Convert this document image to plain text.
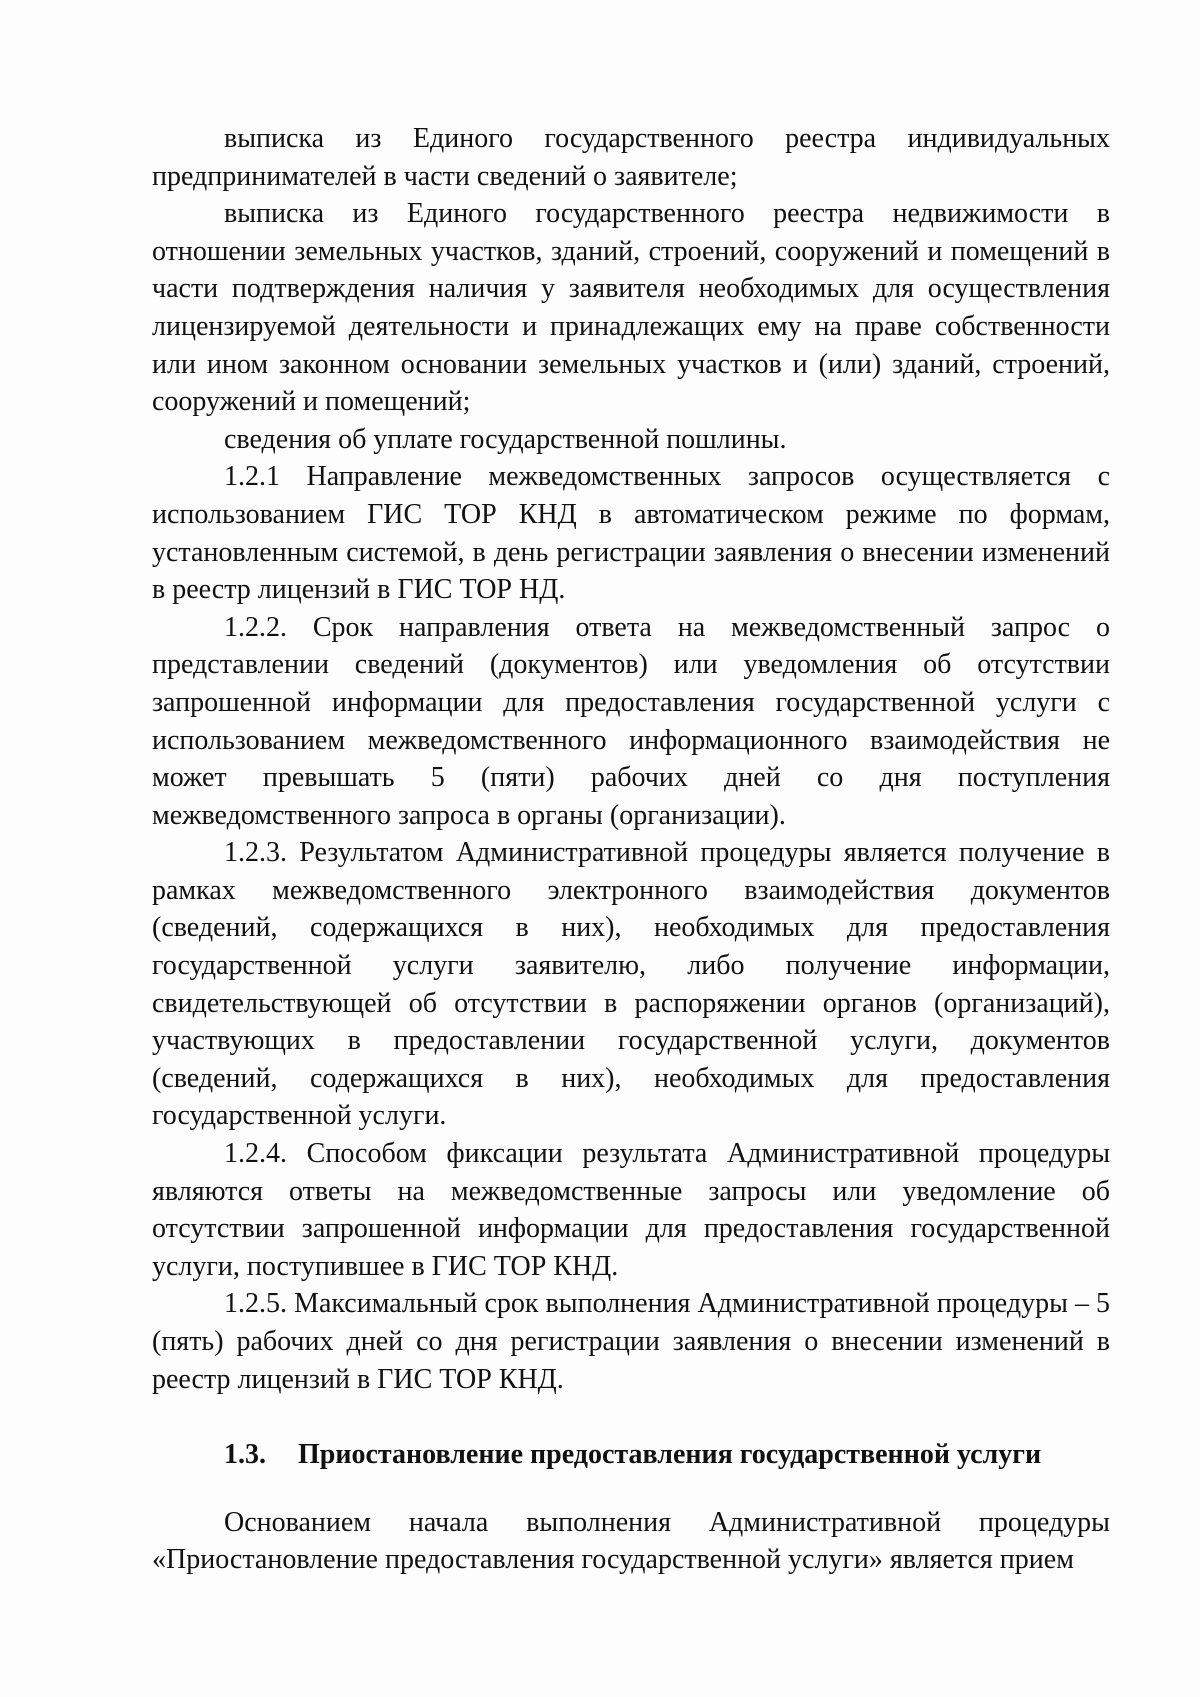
выписка из Единого государственного реестра индивидуальных предпринимателей в части сведений о заявителе;

выписка из Единого государственного реестра недвижимости в отношении земельных участков, зданий, строений, сооружений и помещений в части подтверждения наличия у заявителя необходимых для осуществления лицензируемой деятельности и принадлежащих ему на праве собственности или ином законном основании земельных участков и (или) зданий, строений, сооружений и помещений;

сведения об уплате государственной пошлины.

1.2.1 Направление межведомственных запросов осуществляется с использованием ГИС ТОР КНД в автоматическом режиме по формам, установленным системой, в день регистрации заявления о внесении изменений в реестр лицензий в ГИС ТОР НД.

1.2.2. Срок направления ответа на межведомственный запрос о представлении сведений (документов) или уведомления об отсутствии запрошенной информации для предоставления государственной услуги с использованием межведомственного информационного взаимодействия не может превышать 5 (пяти) рабочих дней со дня поступления межведомственного запроса в органы (организации).

1.2.3. Результатом Административной процедуры является получение в рамках межведомственного электронного взаимодействия документов (сведений, содержащихся в них), необходимых для предоставления государственной услуги заявителю, либо получение информации, свидетельствующей об отсутствии в распоряжении органов (организаций), участвующих в предоставлении государственной услуги, документов (сведений, содержащихся в них), необходимых для предоставления государственной услуги.

1.2.4. Способом фиксации результата Административной процедуры являются ответы на межведомственные запросы или уведомление об отсутствии запрошенной информации для предоставления государственной услуги, поступившее в ГИС ТОР КНД.

1.2.5. Максимальный срок выполнения Административной процедуры – 5 (пять) рабочих дней со дня регистрации заявления о внесении изменений в реестр лицензий в ГИС ТОР КНД.

1.3. Приостановление предоставления государственной услуги

Основанием начала выполнения Административной процедуры «Приостановление предоставления государственной услуги» является прием
